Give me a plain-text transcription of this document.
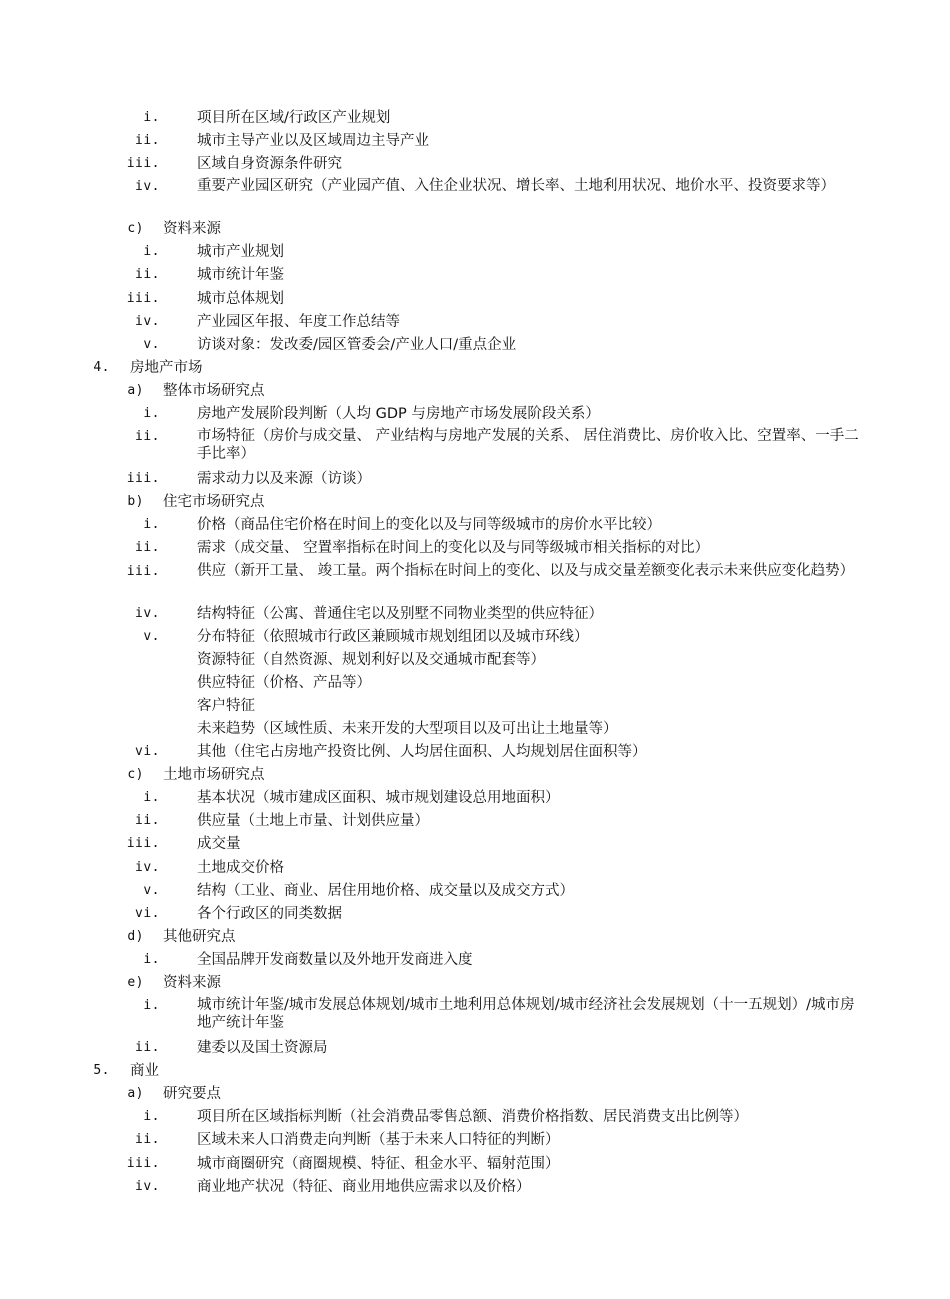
i.	项目所在区域/行政区产业规划
ii.	城市主导产业以及区域周边主导产业
iii.	区域自身资源条件研究
iv.	重要产业园区研究（产业园产值、入住企业状况、增长率、土地利用状况、地价水平、投资要求等）
c) 资料来源
i.	城市产业规划
ii.	城市统计年鉴
iii.	城市总体规划
iv.	产业园区年报、年度工作总结等
v.	访谈对象：发改委/园区管委会/产业人口/重点企业
4. 房地产市场
a) 整体市场研究点
i.	房地产发展阶段判断（人均 GDP 与房地产市场发展阶段关系）
ii.	市场特征（房价与成交量、 产业结构与房地产发展的关系、 居住消费比、房价收入比、空置率、一手二手比率）
iii.	需求动力以及来源（访谈）
b) 住宅市场研究点
i.	价格（商品住宅价格在时间上的变化以及与同等级城市的房价水平比较）
ii.	需求（成交量、 空置率指标在时间上的变化以及与同等级城市相关指标的对比）
iii.	供应（新开工量、 竣工量。两个指标在时间上的变化、以及与成交量差额变化表示未来供应变化趋势）
iv.	结构特征（公寓、普通住宅以及别墅不同物业类型的供应特征）
v.	分布特征（依照城市行政区兼顾城市规划组团以及城市环线）
资源特征（自然资源、规划利好以及交通城市配套等）
供应特征（价格、产品等）
客户特征
未来趋势（区域性质、未来开发的大型项目以及可出让土地量等）
vi.	其他（住宅占房地产投资比例、人均居住面积、人均规划居住面积等）
c) 土地市场研究点
i.	基本状况（城市建成区面积、城市规划建设总用地面积）
ii.	供应量（土地上市量、计划供应量）
iii.	成交量
iv.	土地成交价格
v.	结构（工业、商业、居住用地价格、成交量以及成交方式）
vi.	各个行政区的同类数据
d) 其他研究点
i.	全国品牌开发商数量以及外地开发商进入度
e) 资料来源
i.	城市统计年鉴/城市发展总体规划/城市土地利用总体规划/城市经济社会发展规划（十一五规划）/城市房地产统计年鉴
ii.	建委以及国土资源局
5. 商业
a) 研究要点
i.	项目所在区域指标判断（社会消费品零售总额、消费价格指数、居民消费支出比例等）
ii.	区域未来人口消费走向判断（基于未来人口特征的判断）
iii.	城市商圈研究（商圈规模、特征、租金水平、辐射范围）
iv.	商业地产状况（特征、商业用地供应需求以及价格）
